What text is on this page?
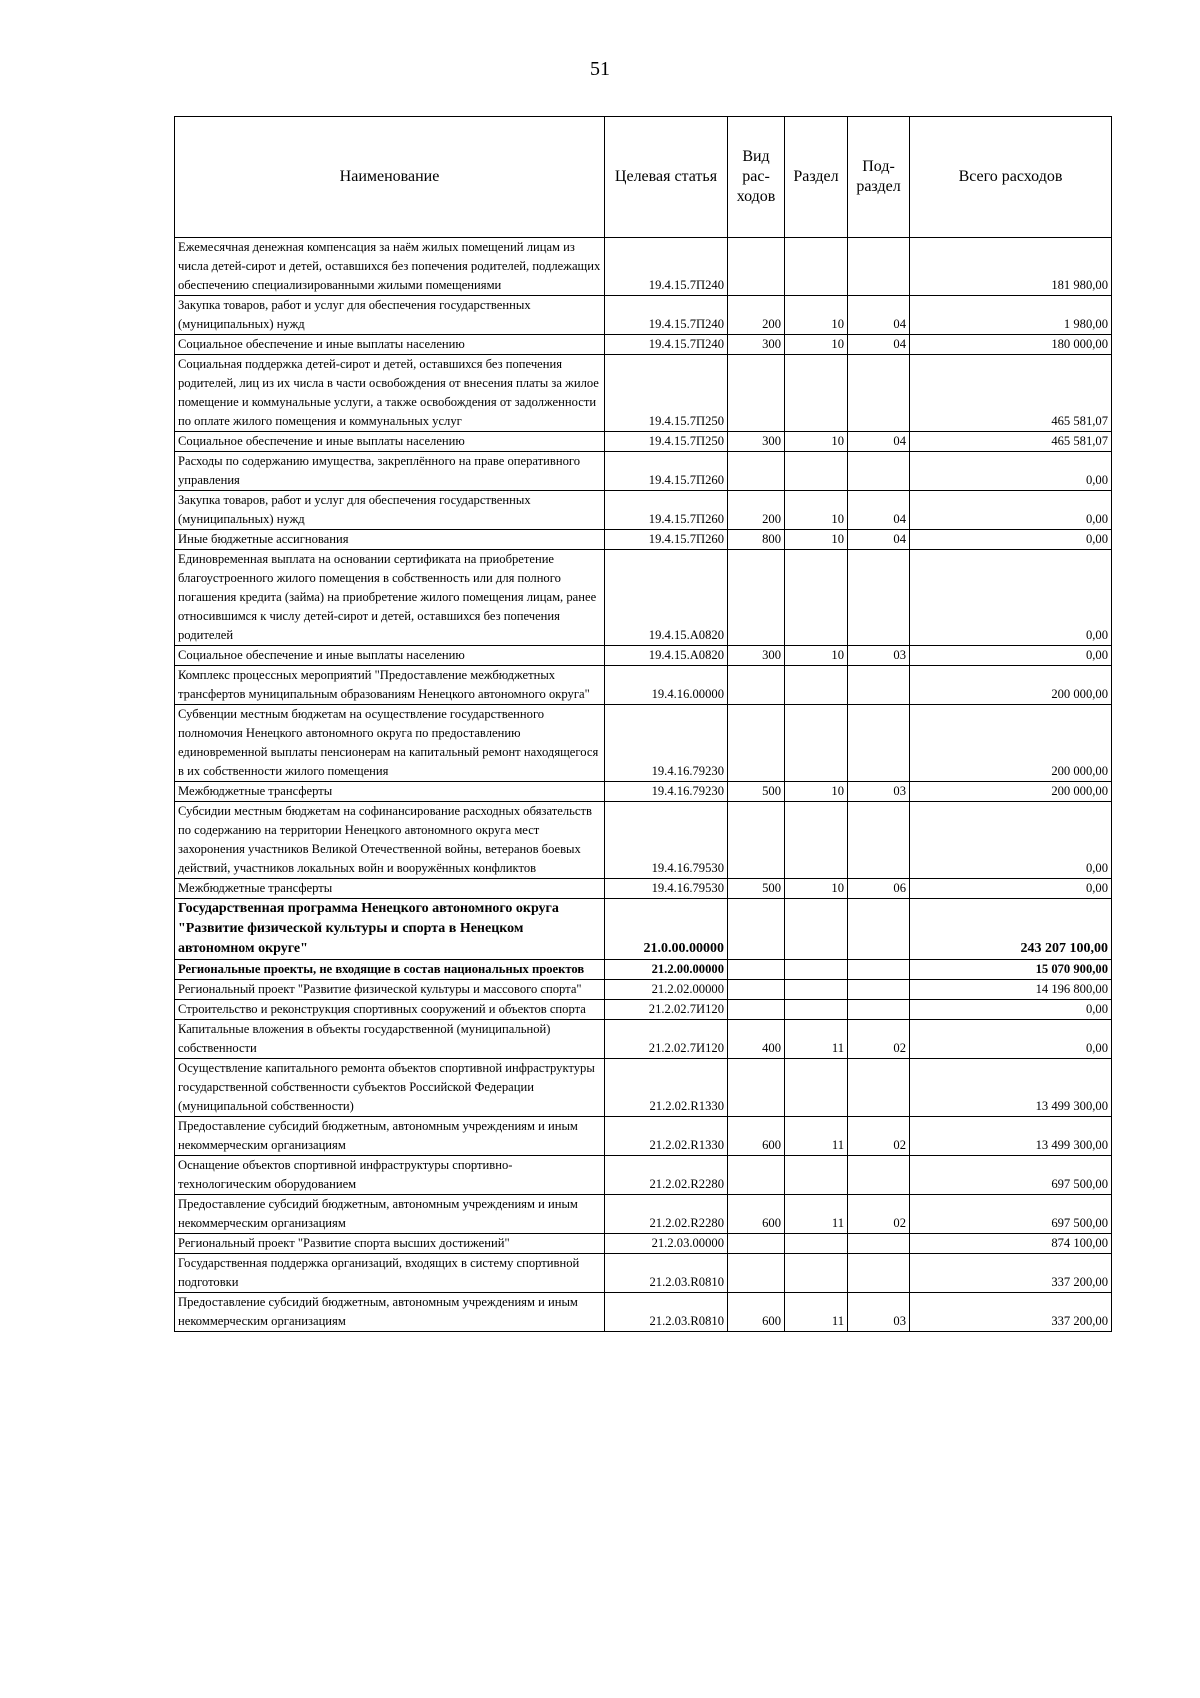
51
Наименование	Целевая статья	Вид рас-ходов	Раздел	Под-раздел	Всего расходов
Ежемесячная денежная компенсация за наём жилых помещений лицам из числа детей-сирот и детей, оставшихся без попечения родителей, подлежащих обеспечению специализированными жилыми помещениями	19.4.15.7П240				181 980,00
Закупка товаров, работ и услуг для обеспечения государственных (муниципальных) нужд	19.4.15.7П240	200	10	04	1 980,00
Социальное обеспечение и иные выплаты населению	19.4.15.7П240	300	10	04	180 000,00
Социальная поддержка детей-сирот и детей, оставшихся без попечения родителей, лиц из их числа в части освобождения от внесения платы за жилое помещение и коммунальные услуги, а также освобождения от задолженности по оплате жилого помещения и коммунальных услуг	19.4.15.7П250				465 581,07
Социальное обеспечение и иные выплаты населению	19.4.15.7П250	300	10	04	465 581,07
Расходы по содержанию имущества, закреплённого на праве оперативного управления	19.4.15.7П260				0,00
Закупка товаров, работ и услуг для обеспечения государственных (муниципальных) нужд	19.4.15.7П260	200	10	04	0,00
Иные бюджетные ассигнования	19.4.15.7П260	800	10	04	0,00
Единовременная выплата на основании сертификата на приобретение благоустроенного жилого помещения в собственность или для полного погашения кредита (займа) на приобретение жилого помещения лицам, ранее относившимся к числу детей-сирот и детей, оставшихся без попечения родителей	19.4.15.А0820				0,00
Социальное обеспечение и иные выплаты населению	19.4.15.А0820	300	10	03	0,00
Комплекс процессных мероприятий "Предоставление межбюджетных трансфертов муниципальным образованиям Ненецкого автономного округа"	19.4.16.00000				200 000,00
Субвенции местным бюджетам на осуществление государственного полномочия Ненецкого автономного округа по предоставлению единовременной выплаты пенсионерам на капитальный ремонт находящегося в их собственности жилого помещения	19.4.16.79230				200 000,00
Межбюджетные трансферты	19.4.16.79230	500	10	03	200 000,00
Субсидии местным бюджетам на софинансирование расходных обязательств по содержанию на территории Ненецкого автономного округа мест захоронения участников Великой Отечественной войны, ветеранов боевых действий, участников локальных войн и вооружённых конфликтов	19.4.16.79530				0,00
Межбюджетные трансферты	19.4.16.79530	500	10	06	0,00
Государственная программа Ненецкого автономного округа "Развитие физической культуры и спорта в Ненецком автономном округе"	21.0.00.00000				243 207 100,00
Региональные проекты, не входящие в состав национальных проектов	21.2.00.00000				15 070 900,00
Региональный проект "Развитие физической культуры и массового спорта"	21.2.02.00000				14 196 800,00
Строительство и реконструкция спортивных сооружений и объектов спорта	21.2.02.7И120				0,00
Капитальные вложения в объекты государственной (муниципальной) собственности	21.2.02.7И120	400	11	02	0,00
Осуществление капитального ремонта объектов спортивной инфраструктуры государственной собственности субъектов Российской Федерации (муниципальной собственности)	21.2.02.R1330				13 499 300,00
Предоставление субсидий бюджетным, автономным учреждениям и иным некоммерческим организациям	21.2.02.R1330	600	11	02	13 499 300,00
Оснащение объектов спортивной инфраструктуры спортивно-технологическим оборудованием	21.2.02.R2280				697 500,00
Предоставление субсидий бюджетным, автономным учреждениям и иным некоммерческим организациям	21.2.02.R2280	600	11	02	697 500,00
Региональный проект "Развитие спорта высших достижений"	21.2.03.00000				874 100,00
Государственная поддержка организаций, входящих в систему спортивной подготовки	21.2.03.R0810				337 200,00
Предоставление субсидий бюджетным, автономным учреждениям и иным некоммерческим организациям	21.2.03.R0810	600	11	03	337 200,00
